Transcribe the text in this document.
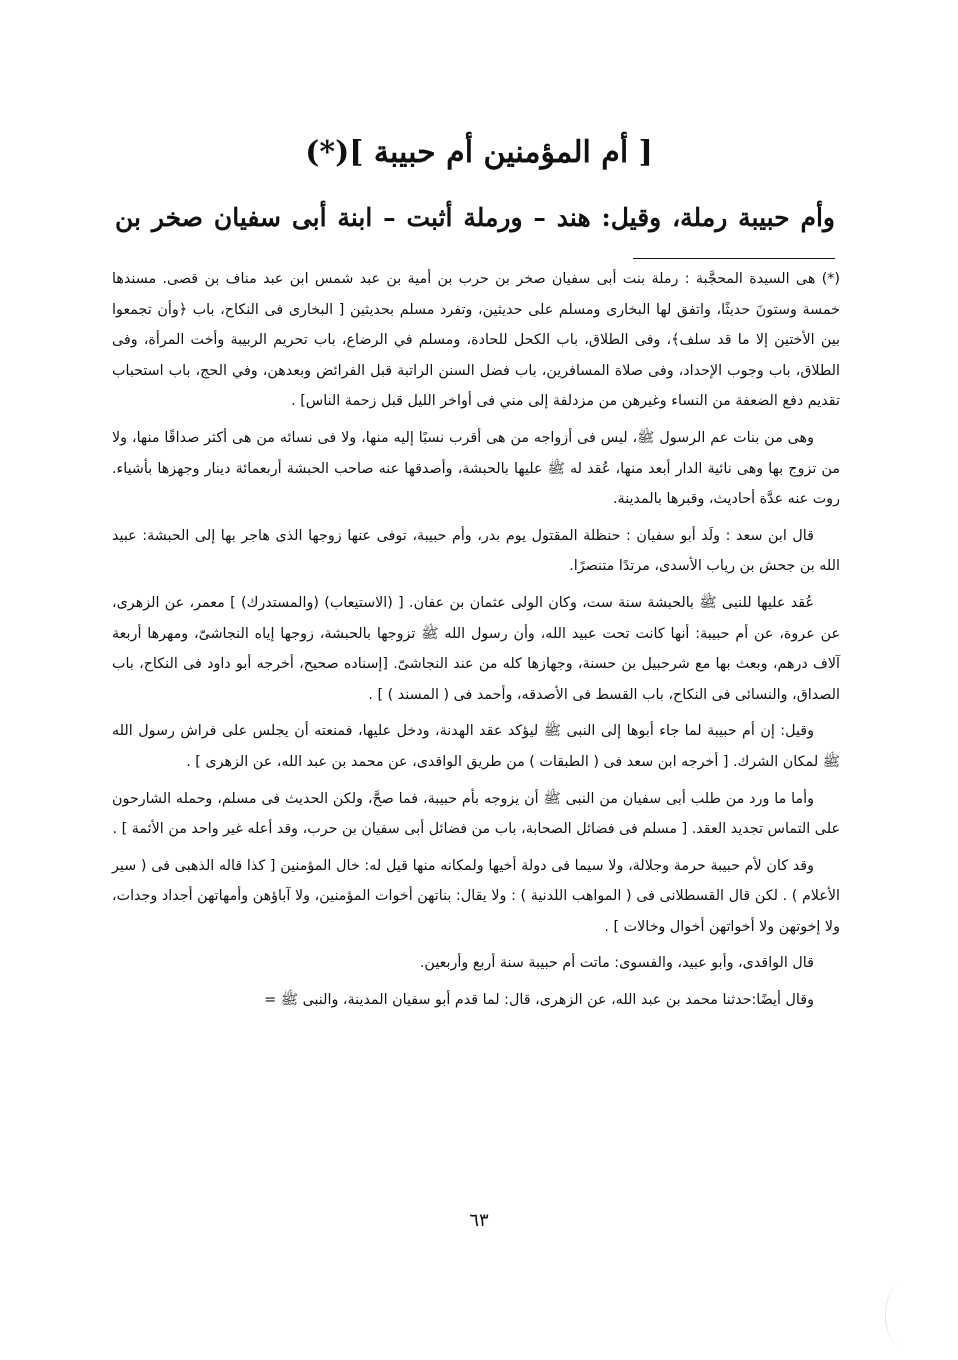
[ أم المؤمنين أم حبيبة ](*)
وأم حبيبة رملة، وقيل: هند – ورملة أثبت – ابنة أبى سفيان صخر بن

(*) هى السيدة المحجَّبة : رملة بنت أبى سفيان صخر بن حرب بن أمية بن عبد شمس ابن عبد مناف بن قصى. مسندها خمسة وستونَ حديثًا، واتفق لها البخارى ومسلم على حديثين، وتفرد مسلم بحديثين [ البخارى فى النكاح، باب ﴿وأن تجمعوا بين الأختين إلا ما قد سلف﴾، وفى الطلاق، باب الكحل للحادة، ومسلم في الرضاع، باب تحريم الربيبة وأخت المرأة، وفى الطلاق، باب وجوب الإحداد، وفى صلاة المسافرين، باب فضل السنن الراتبة قبل الفرائض وبعدهن، وفي الحج، باب استحباب تقديم دفع الضعفة من النساء وغيرهن من مزدلفة إلى مني فى أواخر الليل قبل زحمة الناس] .

وهى من بنات عم الرسول ﷺ، ليس فى أزواجه من هى أقرب نسبًا إليه منها، ولا فى نسائه من هى أكثر صداقًا منها، ولا من تزوج بها وهى نائية الدار أبعد منها، عُقد له ﷺ عليها بالحبشة، وأصدقها عنه صاحب الحبشة أربعمائة دينار وجهزها بأشياء. روت عنه عدَّة أحاديث، وقبرها بالمدينة.

قال ابن سعد : ولَد أبو سفيان : حنظلة المقتول يوم بدر، وأم حبيبة، توفى عنها زوجها الذى هاجر بها إلى الحبشة: عبيد الله بن جحش بن رياب الأسدى، مرتدًا متنصرًا.

عُقد عليها للنبى ﷺ بالحبشة سنة ست، وكان الولى عثمان بن عفان. [ (الاستيعاب) (والمستدرك) ] معمر، عن الزهرى، عن عروة، عن أم حبيبة: أنها كانت تحت عبيد الله، وأن رسول الله ﷺ تزوجها بالحبشة، زوجها إياه النجاشىّ، ومهرها أربعة آلاف درهم، وبعث بها مع شرحبيل بن حسنة، وجهازها كله من عند النجاشىّ. [إسناده صحيح، أخرجه أبو داود فى النكاح، باب الصداق، والنسائى فى النكاح، باب القسط فى الأصدقه، وأحمد فى ( المسند ) ] .

وقيل: إن أم حبيبة لما جاء أبوها إلى النبى ﷺ ليؤكد عقد الهدنة، ودخل عليها، فمنعته أن يجلس على فراش رسول الله ﷺ لمكان الشرك. [ أخرجه ابن سعد فى ( الطبقات ) من طريق الواقدى، عن محمد بن عبد الله، عن الزهرى ] .

وأما ما ورد من طلب أبى سفيان من النبى ﷺ أن يزوجه بأم حبيبة، فما صحَّ، ولكن الحديث فى مسلم، وحمله الشارحون على التماس تجديد العقد. [ مسلم فى فضائل الصحابة، باب من فضائل أبى سفيان بن حرب، وقد أعله غير واحد من الأئمة ] .

وقد كان لأم حبيبة حرمة وجلالة، ولا سيما فى دولة أخيها ولمكانه منها قيل له: خال المؤمنين [ كذا قاله الذهبى فى ( سير الأعلام ) . لكن قال القسطلانى فى ( المواهب اللدنية ) : ولا يقال: بناتهن أخوات المؤمنين، ولا آباؤهن وأمهاتهن أجداد وجدات، ولا إخوتهن ولا أخواتهن أخوال وخالات ] .

قال الواقدى، وأبو عبيد، والفسوى: ماتت أم حبيبة سنة أربع وأربعين.

وقال أيضًا:حدثنا محمد بن عبد الله، عن الزهرى، قال: لما قدم أبو سفيان المدينة، والنبى ﷺ =

٦٣
